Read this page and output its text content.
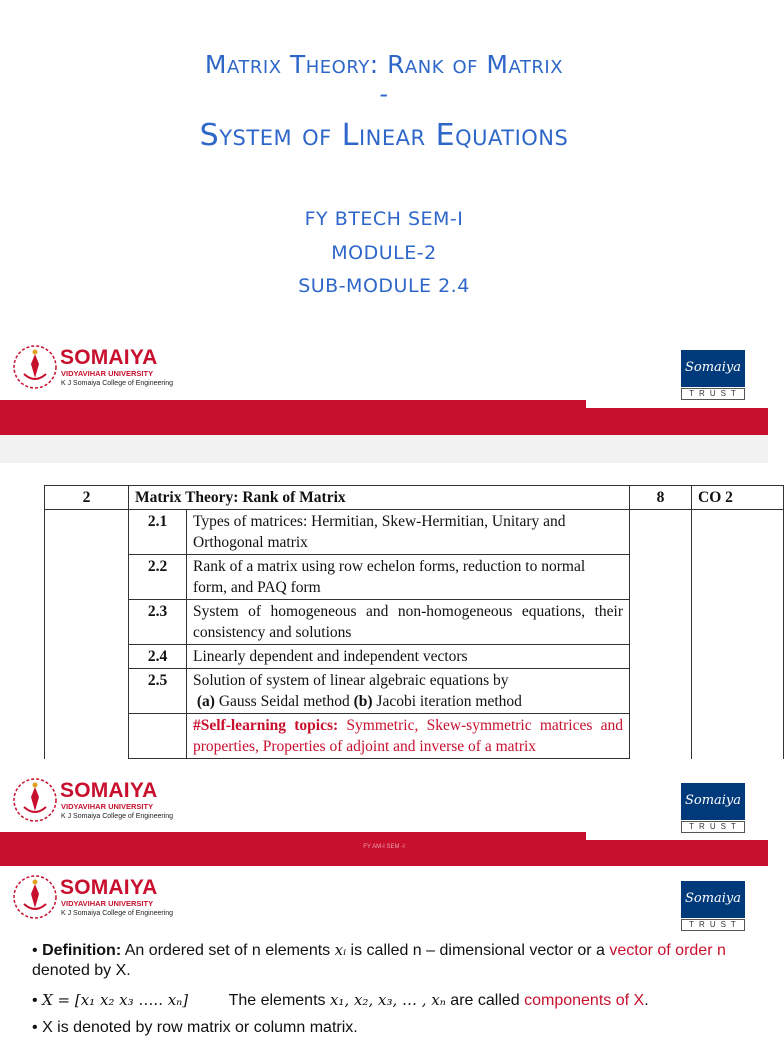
Matrix Theory: Rank of Matrix
-
System of Linear Equations
FY BTECH SEM-I
MODULE-2
SUB-MODULE 2.4
SOMAIYA
VIDYAVIHAR UNIVERSITY
K J Somaiya College of Engineering
Somaiya
TRUST
2	Matrix Theory: Rank of Matrix		8	CO 2
	2.1	Types of matrices: Hermitian, Skew-Hermitian, Unitary and Orthogonal matrix		
	2.2	Rank of a matrix using row echelon forms, reduction to normal form, and PAQ form		
	2.3	System of homogeneous and non-homogeneous equations, their consistency and solutions		
	2.4	Linearly dependent and independent vectors		
	2.5	Solution of system of linear algebraic equations by
(a) Gauss Seidal method (b) Jacobi iteration method		
		#Self-learning topics: Symmetric, Skew-symmetric matrices and properties, Properties of adjoint and inverse of a matrix		
SOMAIYA
VIDYAVIHAR UNIVERSITY
K J Somaiya College of Engineering
Somaiya
TRUST
FY AM-I SEM -I
SOMAIYA
VIDYAVIHAR UNIVERSITY
K J Somaiya College of Engineering
Somaiya
TRUST
• Definition: An ordered set of n elements xᵢ is called n – dimensional vector or a vector of order n denoted by X.
• X = [x₁ x₂ x₃ ….. xₙ]	The elements x₁, x₂, x₃, … , xₙ are called components of X.
• X is denoted by row matrix or column matrix.
